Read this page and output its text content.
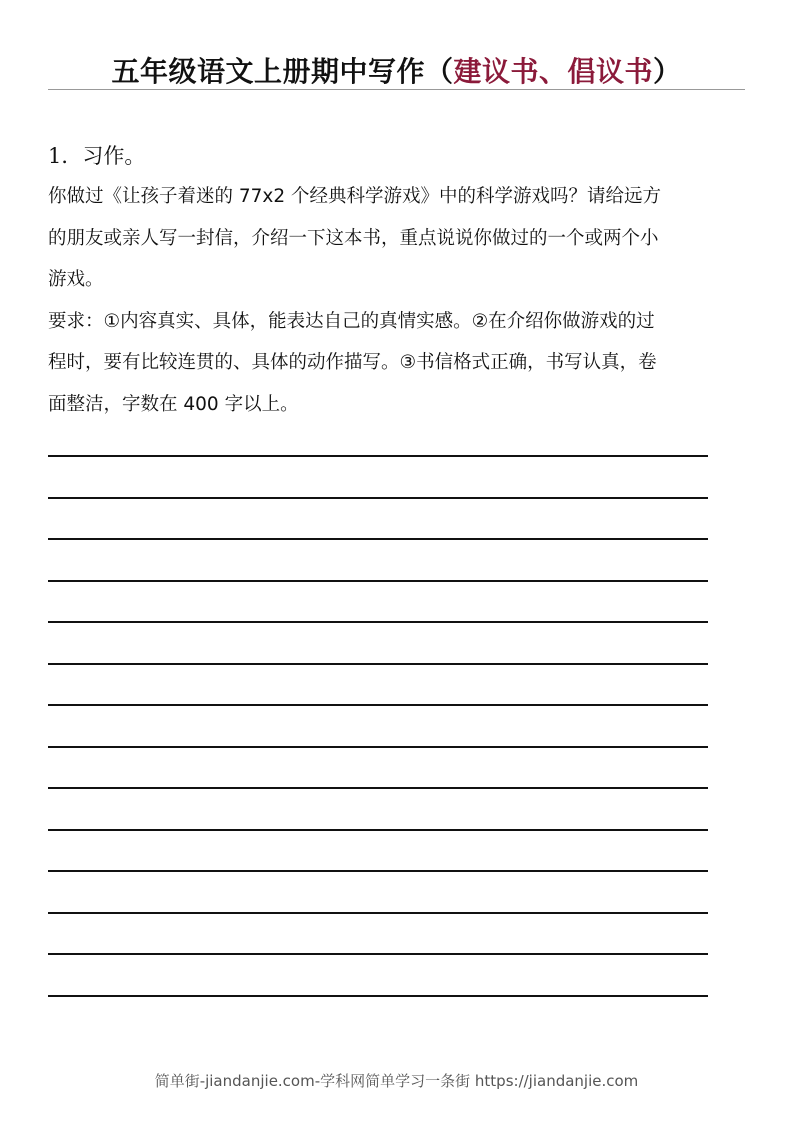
五年级语文上册期中写作（建议书、倡议书）
1．习作。
你做过《让孩子着迷的 77x2 个经典科学游戏》中的科学游戏吗？请给远方
的朋友或亲人写一封信，介绍一下这本书，重点说说你做过的一个或两个小
游戏。
要求：①内容真实、具体，能表达自己的真情实感。②在介绍你做游戏的过
程时，要有比较连贯的、具体的动作描写。③书信格式正确，书写认真，卷
面整洁，字数在 400 字以上。
简单街-jiandanjie.com-学科网简单学习一条街 https://jiandanjie.com
